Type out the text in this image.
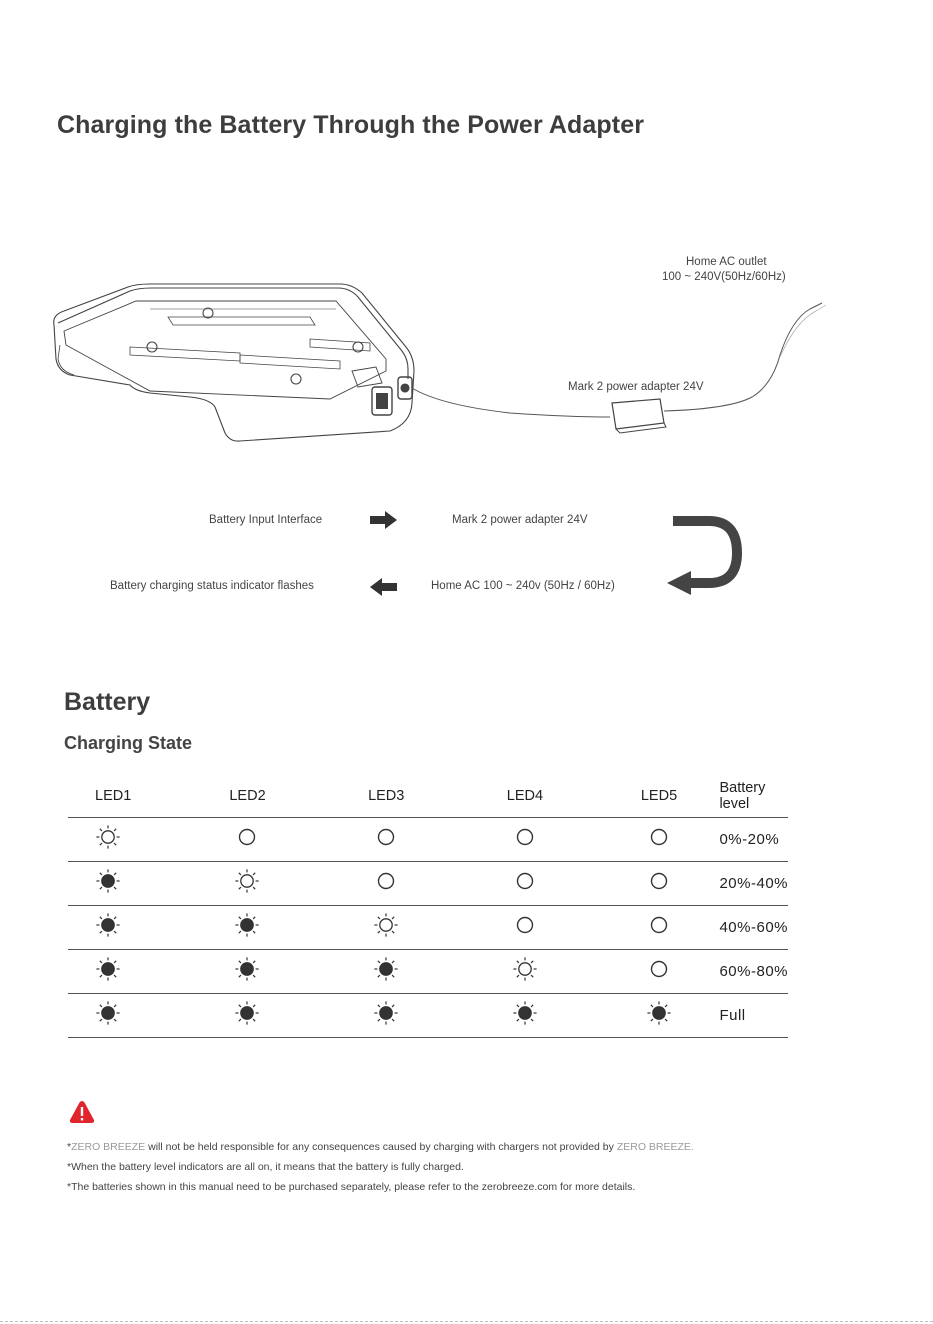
Charging the Battery Through the Power Adapter
Home AC outlet
100 ~ 240V(50Hz/60Hz)
Mark 2 power adapter 24V
Battery Input Interface	Mark 2 power adapter 24V
Battery charging status indicator flashes	Home AC 100 ~ 240v (50Hz / 60Hz)
Battery
Charging State
LED1	LED2	LED3	LED4	LED5	Battery level
					0%-20%
					20%-40%
					40%-60%
					60%-80%
					Full
*ZERO BREEZE will not be held responsible for any consequences caused by charging with chargers not provided by ZERO BREEZE.
*When the battery level indicators are all on, it means that the battery is fully charged.
*The batteries shown in this manual need to be purchased separately, please refer to the zerobreeze.com for more details.
